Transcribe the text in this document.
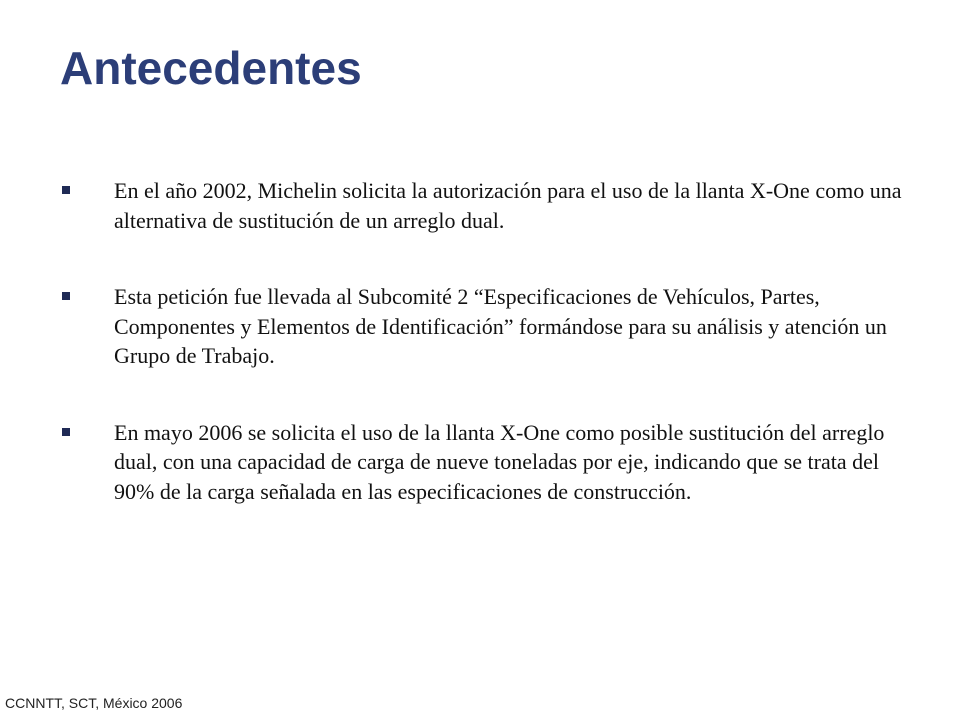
Antecedentes

En el año 2002, Michelin solicita la autorización para el uso de la llanta X-One como una alternativa de sustitución de un arreglo dual.

Esta petición fue llevada al Subcomité 2 “Especificaciones de Vehículos, Partes, Componentes y Elementos de Identificación” formándose para su análisis y atención un Grupo de Trabajo.

En mayo 2006 se solicita el uso de la llanta X-One como posible sustitución del arreglo dual, con una capacidad de carga de nueve toneladas por eje, indicando que se trata del 90% de la carga señalada en las especificaciones de construcción.

CCNNTT, SCT, México 2006
